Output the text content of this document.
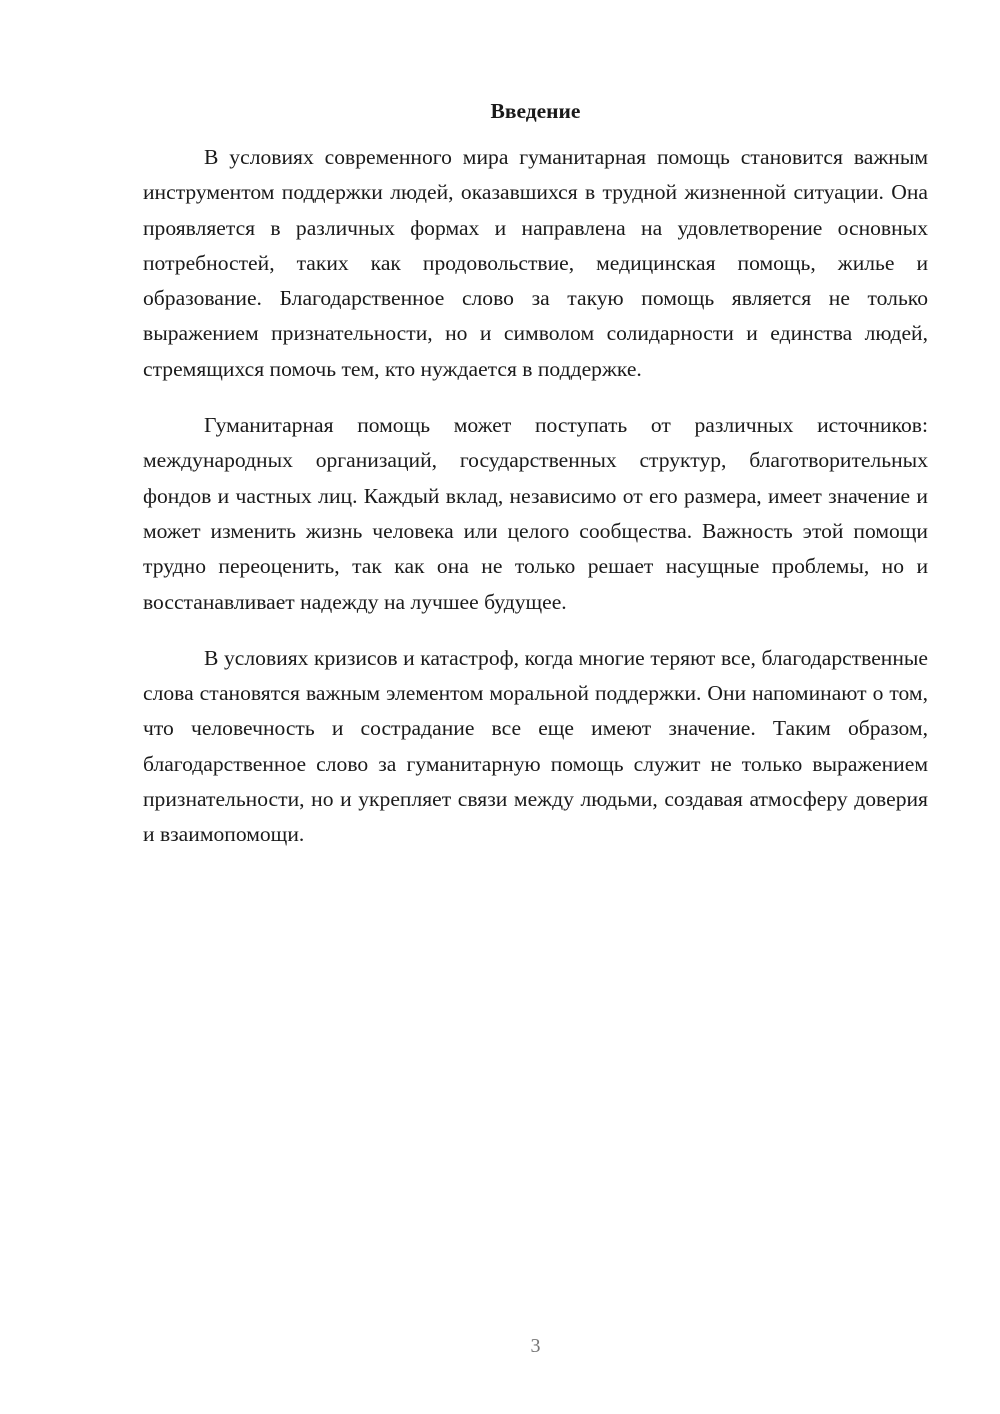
Введение

В условиях современного мира гуманитарная помощь становится важным инструментом поддержки людей, оказавшихся в трудной жизненной ситуации. Она проявляется в различных формах и направлена на удовлетворение основных потребностей, таких как продовольствие, медицинская помощь, жилье и образование. Благодарственное слово за такую помощь является не только выражением признательности, но и символом солидарности и единства людей, стремящихся помочь тем, кто нуждается в поддержке.

Гуманитарная помощь может поступать от различных источников: международных организаций, государственных структур, благотворительных фондов и частных лиц. Каждый вклад, независимо от его размера, имеет значение и может изменить жизнь человека или целого сообщества. Важность этой помощи трудно переоценить, так как она не только решает насущные проблемы, но и восстанавливает надежду на лучшее будущее.

В условиях кризисов и катастроф, когда многие теряют все, благодарственные слова становятся важным элементом моральной поддержки. Они напоминают о том, что человечность и сострадание все еще имеют значение. Таким образом, благодарственное слово за гуманитарную помощь служит не только выражением признательности, но и укрепляет связи между людьми, создавая атмосферу доверия и взаимопомощи.

3
